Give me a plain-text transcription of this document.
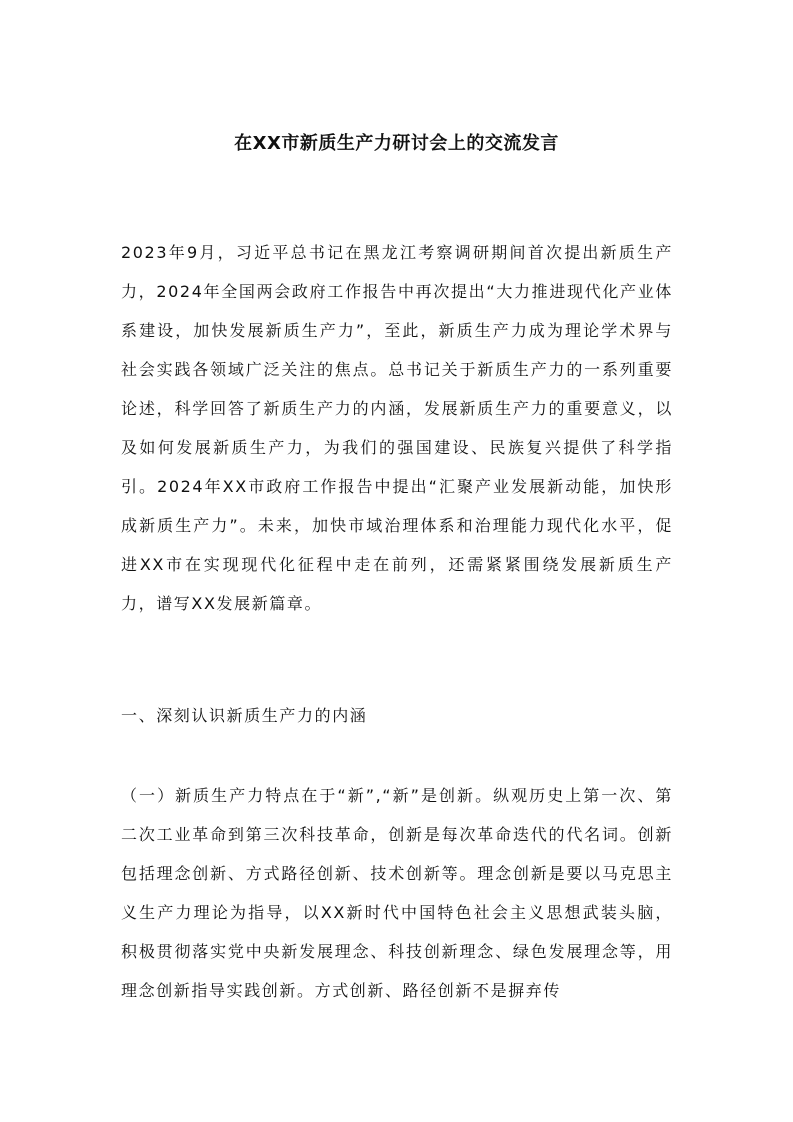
在XX市新质生产力研讨会上的交流发言
2023年9月，习近平总书记在黑龙江考察调研期间首次提出新质生产力，2024年全国两会政府工作报告中再次提出“大力推进现代化产业体系建设，加快发展新质生产力”，至此，新质生产力成为理论学术界与社会实践各领域广泛关注的焦点。总书记关于新质生产力的一系列重要论述，科学回答了新质生产力的内涵，发展新质生产力的重要意义，以及如何发展新质生产力，为我们的强国建设、民族复兴提供了科学指引。2024年XX市政府工作报告中提出“汇聚产业发展新动能，加快形成新质生产力”。未来，加快市域治理体系和治理能力现代化水平，促进XX市在实现现代化征程中走在前列，还需紧紧围绕发展新质生产力，谱写XX发展新篇章。
一、深刻认识新质生产力的内涵
（一）新质生产力特点在于“新”,“新”是创新。纵观历史上第一次、第二次工业革命到第三次科技革命，创新是每次革命迭代的代名词。创新包括理念创新、方式路径创新、技术创新等。理念创新是要以马克思主义生产力理论为指导，以XX新时代中国特色社会主义思想武装头脑，积极贯彻落实党中央新发展理念、科技创新理念、绿色发展理念等，用理念创新指导实践创新。方式创新、路径创新不是摒弃传
